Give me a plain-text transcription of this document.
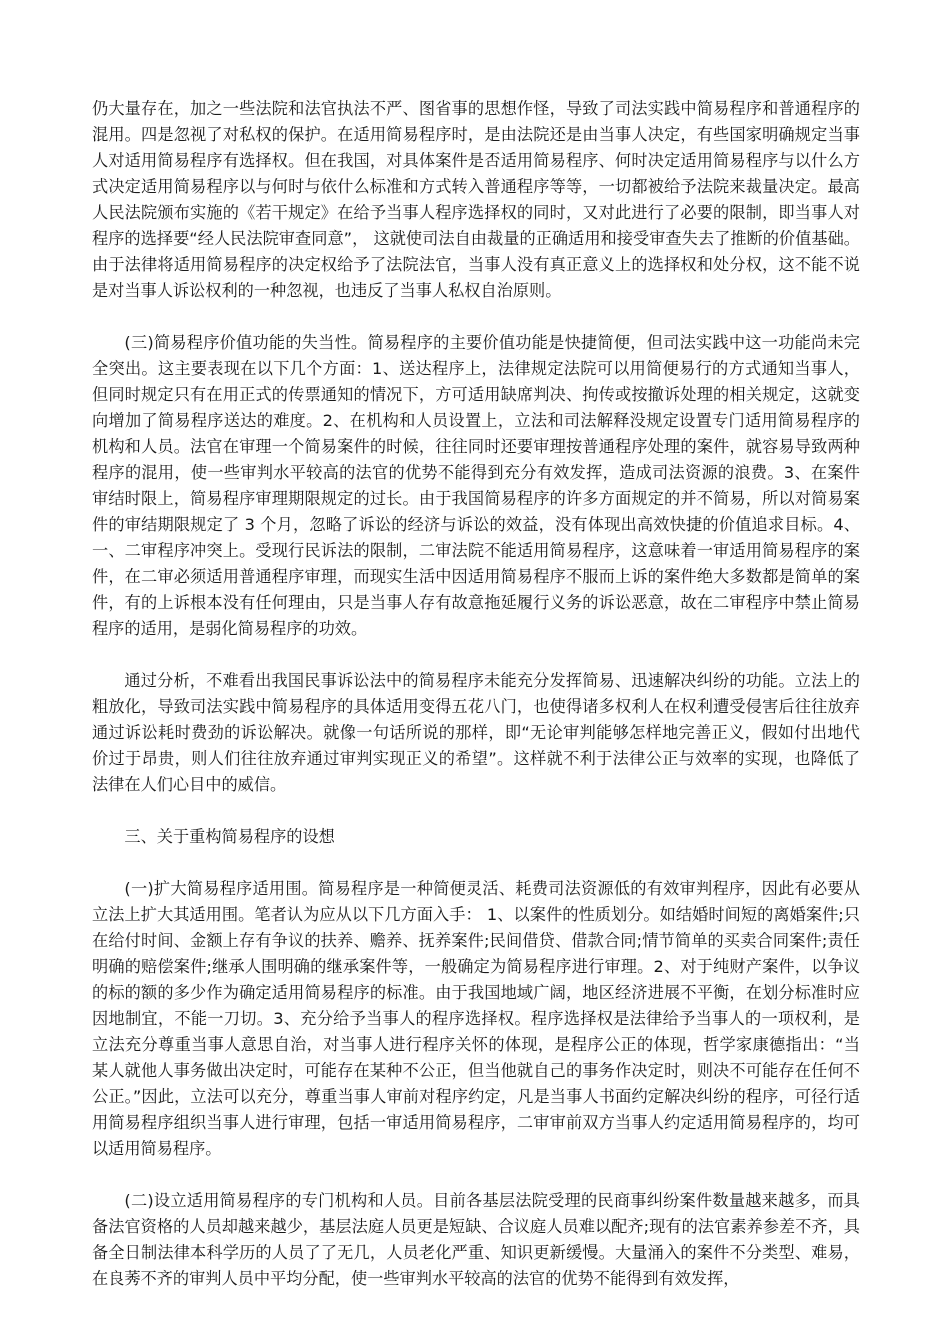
仍大量存在，加之一些法院和法官执法不严、图省事的思想作怪，导致了司法实践中简易程序和普通程序的混用。四是忽视了对私权的保护。在适用简易程序时，是由法院还是由当事人决定，有些国家明确规定当事人对适用简易程序有选择权。但在我国，对具体案件是否适用简易程序、何时决定适用简易程序与以什么方式决定适用简易程序以与何时与依什么标准和方式转入普通程序等等，一切都被给予法院来裁量决定。最高人民法院颁布实施的《若干规定》在给予当事人程序选择权的同时，又对此进行了必要的限制，即当事人对程序的选择要“经人民法院审查同意”， 这就使司法自由裁量的正确适用和接受审查失去了推断的价值基础。由于法律将适用简易程序的决定权给予了法院法官，当事人没有真正意义上的选择权和处分权，这不能不说是对当事人诉讼权利的一种忽视，也违反了当事人私权自治原则。

(三)简易程序价值功能的失当性。简易程序的主要价值功能是快捷简便，但司法实践中这一功能尚未完全突出。这主要表现在以下几个方面：1、送达程序上，法律规定法院可以用简便易行的方式通知当事人，但同时规定只有在用正式的传票通知的情况下，方可适用缺席判决、拘传或按撤诉处理的相关规定，这就变向增加了简易程序送达的难度。2、在机构和人员设置上，立法和司法解释没规定设置专门适用简易程序的机构和人员。法官在审理一个简易案件的时候，往往同时还要审理按普通程序处理的案件，就容易导致两种程序的混用，使一些审判水平较高的法官的优势不能得到充分有效发挥，造成司法资源的浪费。3、在案件审结时限上，简易程序审理期限规定的过长。由于我国简易程序的许多方面规定的并不简易，所以对简易案件的审结期限规定了 3 个月，忽略了诉讼的经济与诉讼的效益，没有体现出高效快捷的价值追求目标。4、一、二审程序冲突上。受现行民诉法的限制，二审法院不能适用简易程序，这意味着一审适用简易程序的案件，在二审必须适用普通程序审理，而现实生活中因适用简易程序不服而上诉的案件绝大多数都是简单的案件，有的上诉根本没有任何理由，只是当事人存有故意拖延履行义务的诉讼恶意，故在二审程序中禁止简易程序的适用，是弱化简易程序的功效。

通过分析，不难看出我国民事诉讼法中的简易程序未能充分发挥简易、迅速解决纠纷的功能。立法上的粗放化，导致司法实践中简易程序的具体适用变得五花八门，也使得诸多权利人在权利遭受侵害后往往放弃通过诉讼耗时费劲的诉讼解决。就像一句话所说的那样，即“无论审判能够怎样地完善正义，假如付出地代价过于昂贵，则人们往往放弃通过审判实现正义的希望”。这样就不利于法律公正与效率的实现，也降低了法律在人们心目中的威信。

三、关于重构简易程序的设想

(一)扩大简易程序适用围。简易程序是一种简便灵活、耗费司法资源低的有效审判程序，因此有必要从立法上扩大其适用围。笔者认为应从以下几方面入手： 1、以案件的性质划分。如结婚时间短的离婚案件;只在给付时间、金额上存有争议的扶养、赡养、抚养案件;民间借贷、借款合同;情节简单的买卖合同案件;责任明确的赔偿案件;继承人围明确的继承案件等，一般确定为简易程序进行审理。2、对于纯财产案件，以争议的标的额的多少作为确定适用简易程序的标准。由于我国地域广阔，地区经济进展不平衡，在划分标准时应因地制宜，不能一刀切。3、充分给予当事人的程序选择权。程序选择权是法律给予当事人的一项权利，是立法充分尊重当事人意思自治，对当事人进行程序关怀的体现，是程序公正的体现，哲学家康德指出：“当某人就他人事务做出决定时，可能存在某种不公正，但当他就自己的事务作决定时，则决不可能存在任何不公正。”因此，立法可以充分，尊重当事人审前对程序约定，凡是当事人书面约定解决纠纷的程序，可径行适用简易程序组织当事人进行审理，包括一审适用简易程序，二审审前双方当事人约定适用简易程序的，均可以适用简易程序。

(二)设立适用简易程序的专门机构和人员。目前各基层法院受理的民商事纠纷案件数量越来越多，而具备法官资格的人员却越来越少，基层法庭人员更是短缺、合议庭人员难以配齐;现有的法官素养参差不齐，具备全日制法律本科学历的人员了了无几，人员老化严重、知识更新缓慢。大量涌入的案件不分类型、难易，在良莠不齐的审判人员中平均分配，使一些审判水平较高的法官的优势不能得到有效发挥，
